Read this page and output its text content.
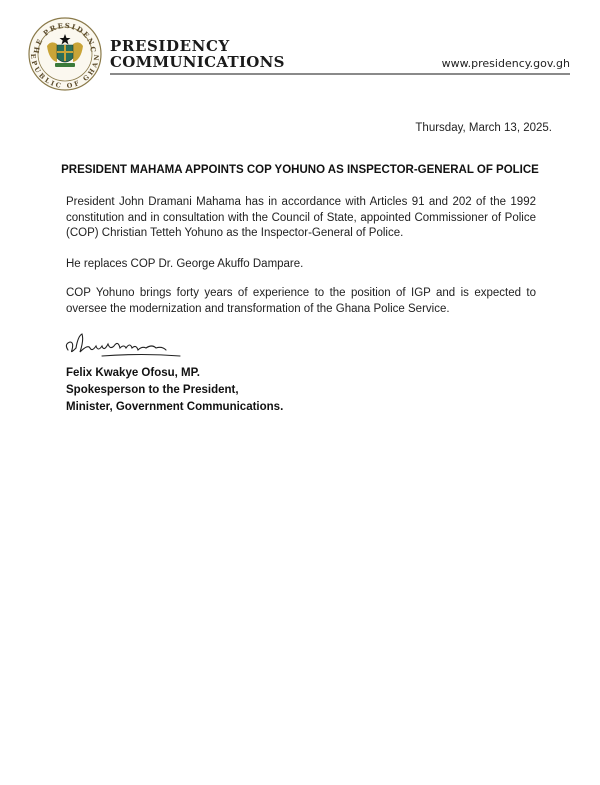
HE PRESIDENC
EPUBLIC OF GHAN
PRESIDENCY
COMMUNICATIONS	www.presidency.gov.gh
Thursday, March 13, 2025.
PRESIDENT MAHAMA APPOINTS COP YOHUNO AS INSPECTOR-GENERAL OF POLICE
President John Dramani Mahama has in accordance with Articles 91 and 202 of the 1992 constitution and in consultation with the Council of State, appointed Commissioner of Police (COP) Christian Tetteh Yohuno as the Inspector-General of Police.
He replaces COP Dr. George Akuffo Dampare.
COP Yohuno brings forty years of experience to the position of IGP and is expected to oversee the modernization and transformation of the Ghana Police Service.
Felix Kwakye Ofosu, MP.
Spokesperson to the President,
Minister, Government Communications.
